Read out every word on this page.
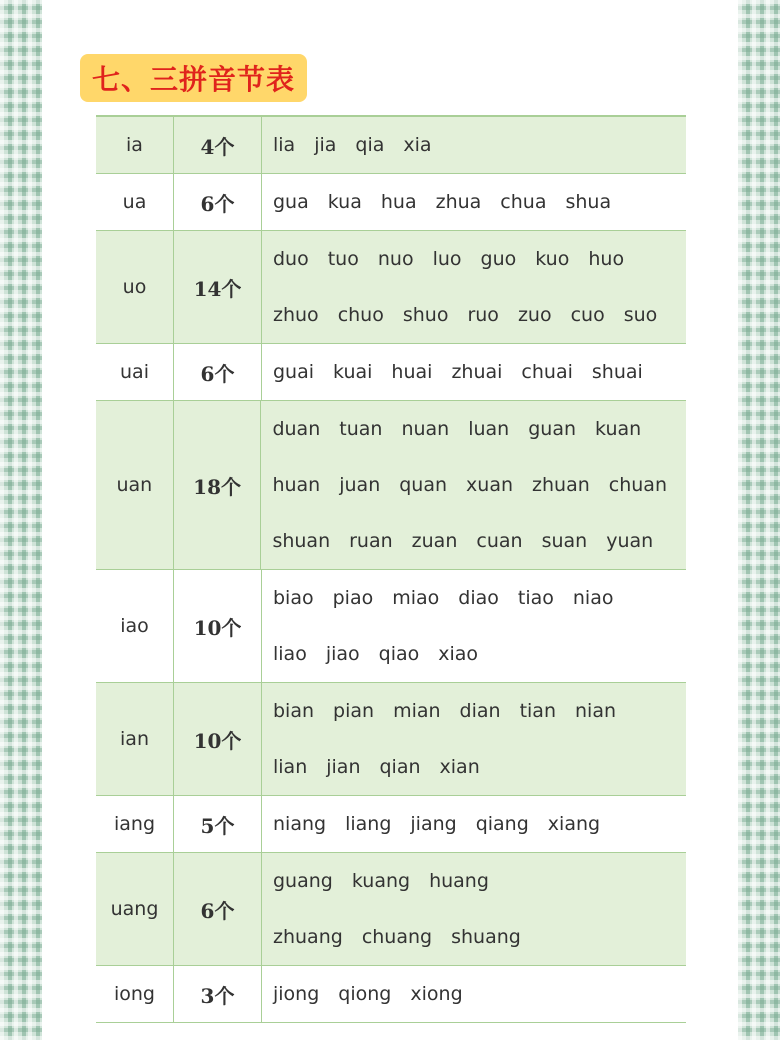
七、三拼音节表
ia	4个	lia jia qia xia
ua	6个	gua kua hua zhua chua shua
uo	14个
duo tuo nuo luo guo kuo huo
zhuo chuo shuo ruo zuo cuo suo
uai	6个	guai kuai huai zhuai chuai shuai
uan	18个
duan tuan nuan luan guan kuan
huan juan quan xuan zhuan chuan
shuan ruan zuan cuan suan yuan
iao	10个
biao piao miao diao tiao niao
liao jiao qiao xiao
ian	10个
bian pian mian dian tian nian
lian jian qian xian
iang	5个	niang liang jiang qiang xiang
uang	6个
guang kuang huang
zhuang chuang shuang
iong	3个	jiong qiong xiong
